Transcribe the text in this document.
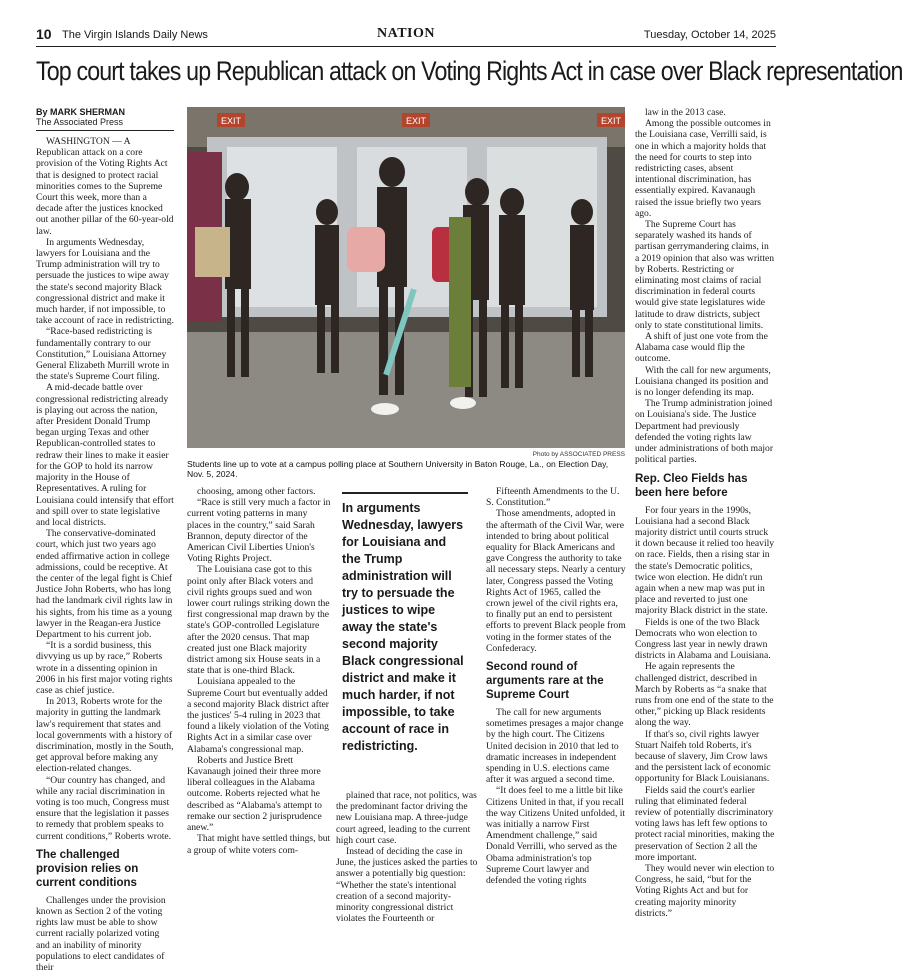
10 The Virgin Islands Daily News	NATION	Tuesday, October 14, 2025
Top court takes up Republican attack on Voting Rights Act in case over Black representation
By MARK SHERMAN
The Associated Press

WASHINGTON — A Republican attack on a core provision of the Voting Rights Act that is designed to protect racial minorities comes to the Supreme Court this week, more than a decade after the justices knocked out another pillar of the 60-year-old law.

In arguments Wednesday, lawyers for Louisiana and the Trump administration will try to persuade the justices to wipe away the state's second majority Black congressional district and make it much harder, if not impossible, to take account of race in redistricting.

“Race-based redistricting is fundamentally contrary to our Constitution,” Louisiana Attorney General Elizabeth Murrill wrote in the state's Supreme Court filing.

A mid-decade battle over congressional redistricting already is playing out across the nation, after President Donald Trump began urging Texas and other Republican-controlled states to redraw their lines to make it easier for the GOP to hold its narrow majority in the House of Representatives. A ruling for Louisiana could intensify that effort and spill over to state legislative and local districts.

The conservative-dominated court, which just two years ago ended affirmative action in college admissions, could be receptive. At the center of the legal fight is Chief Justice John Roberts, who has long had the landmark civil rights law in his sights, from his time as a young lawyer in the Reagan-era Justice Department to his current job.

“It is a sordid business, this divvying us up by race,” Roberts wrote in a dissenting opinion in 2006 in his first major voting rights case as chief justice.

In 2013, Roberts wrote for the majority in gutting the landmark law's requirement that states and local governments with a history of discrimination, mostly in the South, get approval before making any election-related changes.

“Our country has changed, and while any racial discrimination in voting is too much, Congress must ensure that the legislation it passes to remedy that problem speaks to current conditions,” Roberts wrote.

The challenged provision relies on current conditions

Challenges under the provision known as Section 2 of the voting rights law must be able to show current racially polarized voting and an inability of minority populations to elect candidates of their

EXIT	EXIT	EXIT
Photo by ASSOCIATED PRESS
Students line up to vote at a campus polling place at Southern University in Baton Rouge, La., on Election Day, Nov. 5, 2024.

choosing, among other factors.

“Race is still very much a factor in current voting patterns in many places in the country,” said Sarah Brannon, deputy director of the American Civil Liberties Union's Voting Rights Project.

The Louisiana case got to this point only after Black voters and civil rights groups sued and won lower court rulings striking down the first congressional map drawn by the state's GOP-controlled Legislature after the 2020 census. That map created just one Black majority district among six House seats in a state that is one-third Black.

Louisiana appealed to the Supreme Court but eventually added a second majority Black district after the justices' 5-4 ruling in 2023 that found a likely violation of the Voting Rights Act in a similar case over Alabama's congressional map.

Roberts and Justice Brett Kavanaugh joined their three more liberal colleagues in the Alabama outcome. Roberts rejected what he described as “Alabama's attempt to remake our section 2 jurisprudence anew.”

That might have settled things, but a group of white voters com-

In arguments Wednesday, lawyers for Louisiana and the Trump administration will try to persuade the justices to wipe away the state's second majority Black congressional district and make it much harder, if not impossible, to take account of race in redistricting.

plained that race, not politics, was the predominant factor driving the new Louisiana map. A three-judge court agreed, leading to the current high court case.

Instead of deciding the case in June, the justices asked the parties to answer a potentially big question: “Whether the state's intentional creation of a second majority-minority congressional district violates the Fourteenth or

Fifteenth Amendments to the U. S. Constitution.”

Those amendments, adopted in the aftermath of the Civil War, were intended to bring about political equality for Black Americans and gave Congress the authority to take all necessary steps. Nearly a century later, Congress passed the Voting Rights Act of 1965, called the crown jewel of the civil rights era, to finally put an end to persistent efforts to prevent Black people from voting in the former states of the Confederacy.

Second round of arguments rare at the Supreme Court

The call for new arguments sometimes presages a major change by the high court. The Citizens United decision in 2010 that led to dramatic increases in independent spending in U.S. elections came after it was argued a second time.

“It does feel to me a little bit like Citizens United in that, if you recall the way Citizens United unfolded, it was initially a narrow First Amendment challenge,” said Donald Verrilli, who served as the Obama administration's top Supreme Court lawyer and defended the voting rights

law in the 2013 case.

Among the possible outcomes in the Louisiana case, Verrilli said, is one in which a majority holds that the need for courts to step into redistricting cases, absent intentional discrimination, has essentially expired. Kavanaugh raised the issue briefly two years ago.

The Supreme Court has separately washed its hands of partisan gerrymandering claims, in a 2019 opinion that also was written by Roberts. Restricting or eliminating most claims of racial discrimination in federal courts would give state legislatures wide latitude to draw districts, subject only to state constitutional limits.

A shift of just one vote from the Alabama case would flip the outcome.

With the call for new arguments, Louisiana changed its position and is no longer defending its map.

The Trump administration joined on Louisiana's side. The Justice Department had previously defended the voting rights law under administrations of both major political parties.

Rep. Cleo Fields has been here before

For four years in the 1990s, Louisiana had a second Black majority district until courts struck it down because it relied too heavily on race. Fields, then a rising star in the state's Democratic politics, twice won election. He didn't run again when a new map was put in place and reverted to just one majority Black district in the state.

Fields is one of the two Black Democrats who won election to Congress last year in newly drawn districts in Alabama and Louisiana.

He again represents the challenged district, described in March by Roberts as “a snake that runs from one end of the state to the other,” picking up Black residents along the way.

If that's so, civil rights lawyer Stuart Naifeh told Roberts, it's because of slavery, Jim Crow laws and the persistent lack of economic opportunity for Black Louisianans.

Fields said the court's earlier ruling that eliminated federal review of potentially discriminatory voting laws has left few options to protect racial minorities, making the preservation of Section 2 all the more important.

They would never win election to Congress, he said, “but for the Voting Rights Act and but for creating majority minority districts.”
